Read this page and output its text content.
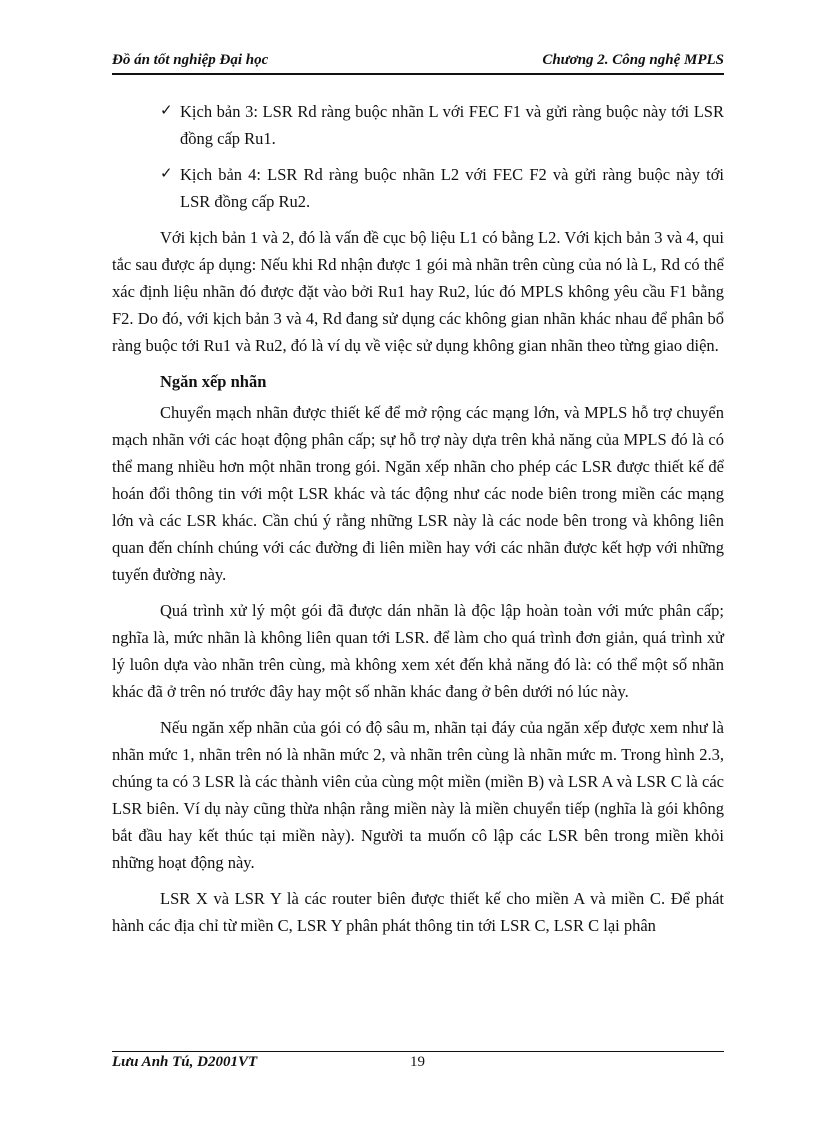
Đồ án tốt nghiệp Đại học	Chương 2. Công nghệ MPLS
✓ Kịch bản 3: LSR Rd ràng buộc nhãn L với FEC F1 và gửi ràng buộc này tới LSR đồng cấp Ru1.
✓ Kịch bản 4: LSR Rd ràng buộc nhãn L2 với FEC F2 và gửi ràng buộc này tới LSR đồng cấp Ru2.

Với kịch bản 1 và 2, đó là vấn đề cục bộ liệu L1 có bằng L2. Với kịch bản 3 và 4, qui tắc sau được áp dụng: Nếu khi Rd nhận được 1 gói mà nhãn trên cùng của nó là L, Rd có thể xác định liệu nhãn đó được đặt vào bởi Ru1 hay Ru2, lúc đó MPLS không yêu cầu F1 bằng F2. Do đó, với kịch bản 3 và 4, Rd đang sử dụng các không gian nhãn khác nhau để phân bổ ràng buộc tới Ru1 và Ru2, đó là ví dụ về việc sử dụng không gian nhãn theo từng giao diện.

Ngăn xếp nhãn

Chuyển mạch nhãn được thiết kế để mở rộng các mạng lớn, và MPLS hỗ trợ chuyển mạch nhãn với các hoạt động phân cấp; sự hỗ trợ này dựa trên khả năng của MPLS đó là có thể mang nhiều hơn một nhãn trong gói. Ngăn xếp nhãn cho phép các LSR được thiết kế để hoán đổi thông tin với một LSR khác và tác động như các node biên trong miền các mạng lớn và các LSR khác. Cần chú ý rằng những LSR này là các node bên trong và không liên quan đến chính chúng với các đường đi liên miền hay với các nhãn được kết hợp với những tuyến đường này.

Quá trình xử lý một gói đã được dán nhãn là độc lập hoàn toàn với mức phân cấp; nghĩa là, mức nhãn là không liên quan tới LSR. để làm cho quá trình đơn giản, quá trình xử lý luôn dựa vào nhãn trên cùng, mà không xem xét đến khả năng đó là: có thể một số nhãn khác đã ở trên nó trước đây hay một số nhãn khác đang ở bên dưới nó lúc này.

Nếu ngăn xếp nhãn của gói có độ sâu m, nhãn tại đáy của ngăn xếp được xem như là nhãn mức 1, nhãn trên nó là nhãn mức 2, và nhãn trên cùng là nhãn mức m. Trong hình 2.3, chúng ta có 3 LSR là các thành viên của cùng một miền (miền B) và LSR A và LSR C là các LSR biên. Ví dụ này cũng thừa nhận rằng miền này là miền chuyển tiếp (nghĩa là gói không bắt đầu hay kết thúc tại miền này). Người ta muốn cô lập các LSR bên trong miền khỏi những hoạt động này.

LSR X và LSR Y là các router biên được thiết kế cho miền A và miền C. Để phát hành các địa chỉ từ miền C, LSR Y phân phát thông tin tới LSR C, LSR C lại phân

Lưu Anh Tú, D2001VT	19
